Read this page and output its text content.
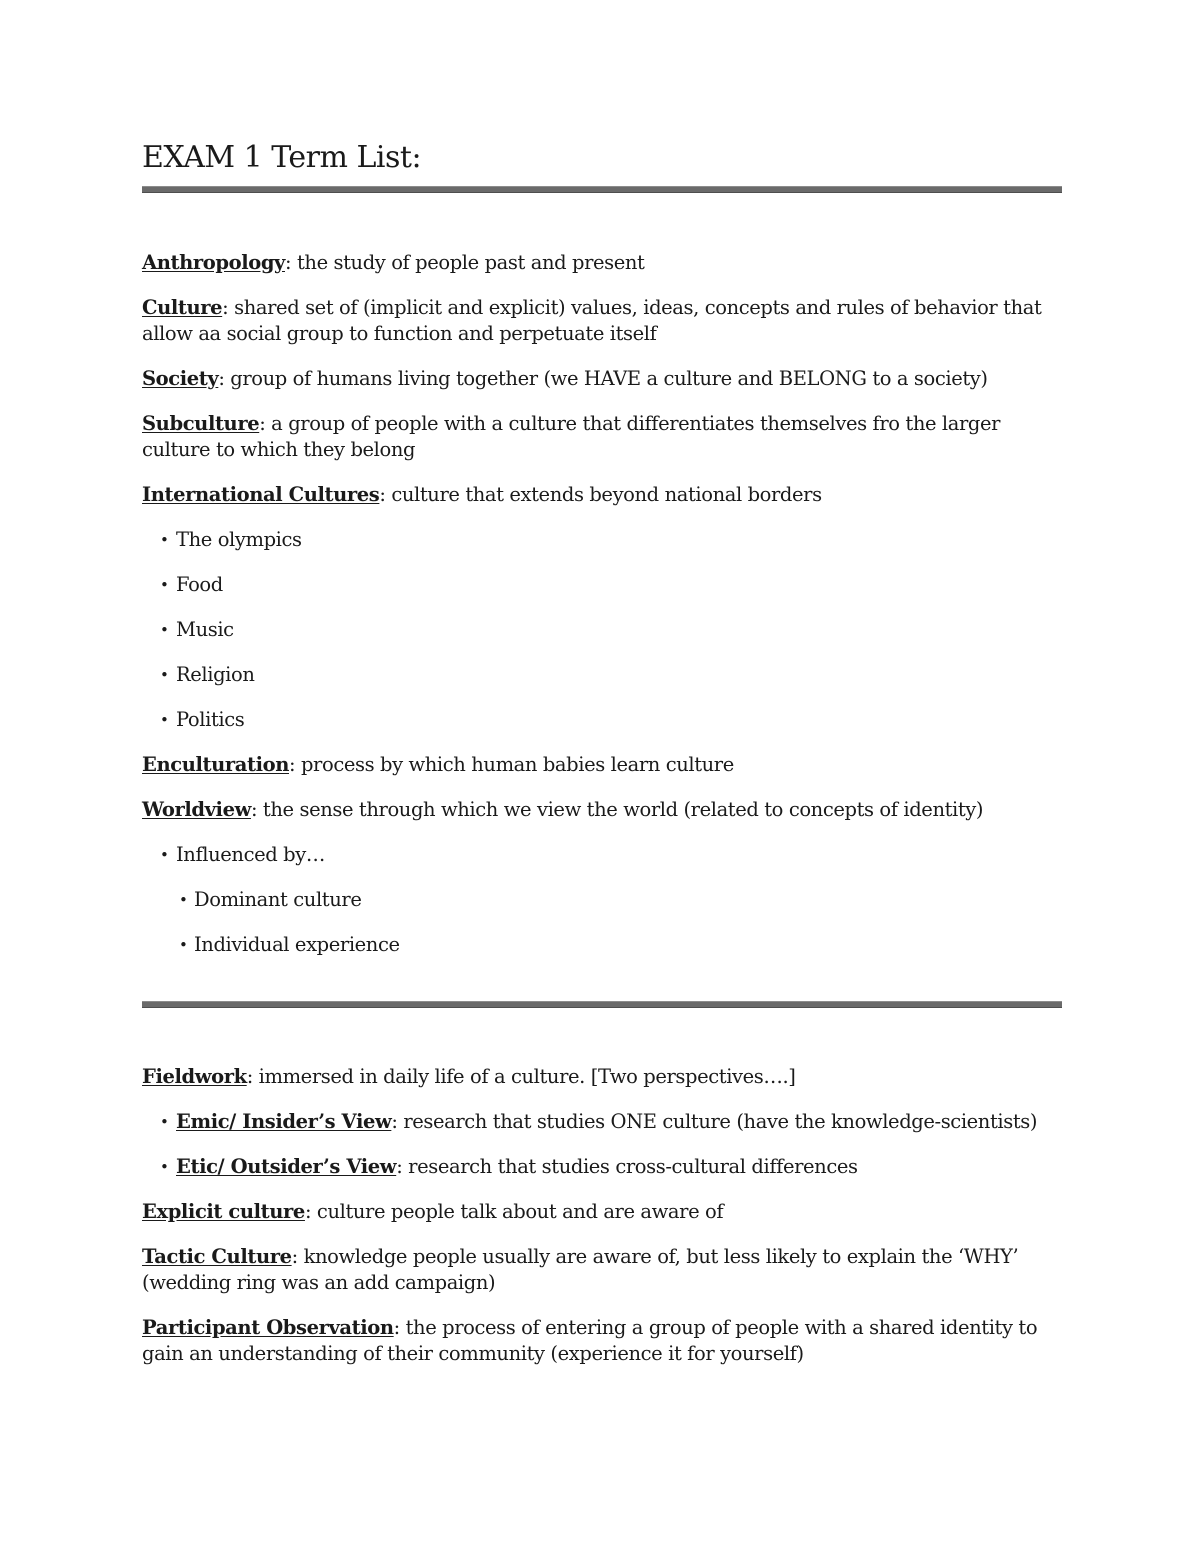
EXAM 1 Term List:

Anthropology: the study of people past and present

Culture: shared set of (implicit and explicit) values, ideas, concepts and rules of behavior that allow aa social group to function and perpetuate itself

Society: group of humans living together (we HAVE a culture and BELONG to a society)

Subculture: a group of people with a culture that differentiates themselves fro the larger culture to which they belong

International Cultures: culture that extends beyond national borders

• The olympics
• Food
• Music
• Religion
• Politics

Enculturation: process by which human babies learn culture

Worldview: the sense through which we view the world (related to concepts of identity)

• Influenced by…
• Dominant culture
• Individual experience

Fieldwork: immersed in daily life of a culture. [Two perspectives….]

• Emic/ Insider’s View: research that studies ONE culture (have the knowledge-scientists)
• Etic/ Outsider’s View: research that studies cross-cultural differences

Explicit culture: culture people talk about and are aware of

Tactic Culture: knowledge people usually are aware of, but less likely to explain the ‘WHY’ (wedding ring was an add campaign)

Participant Observation: the process of entering a group of people with a shared identity to gain an understanding of their community (experience it for yourself)
